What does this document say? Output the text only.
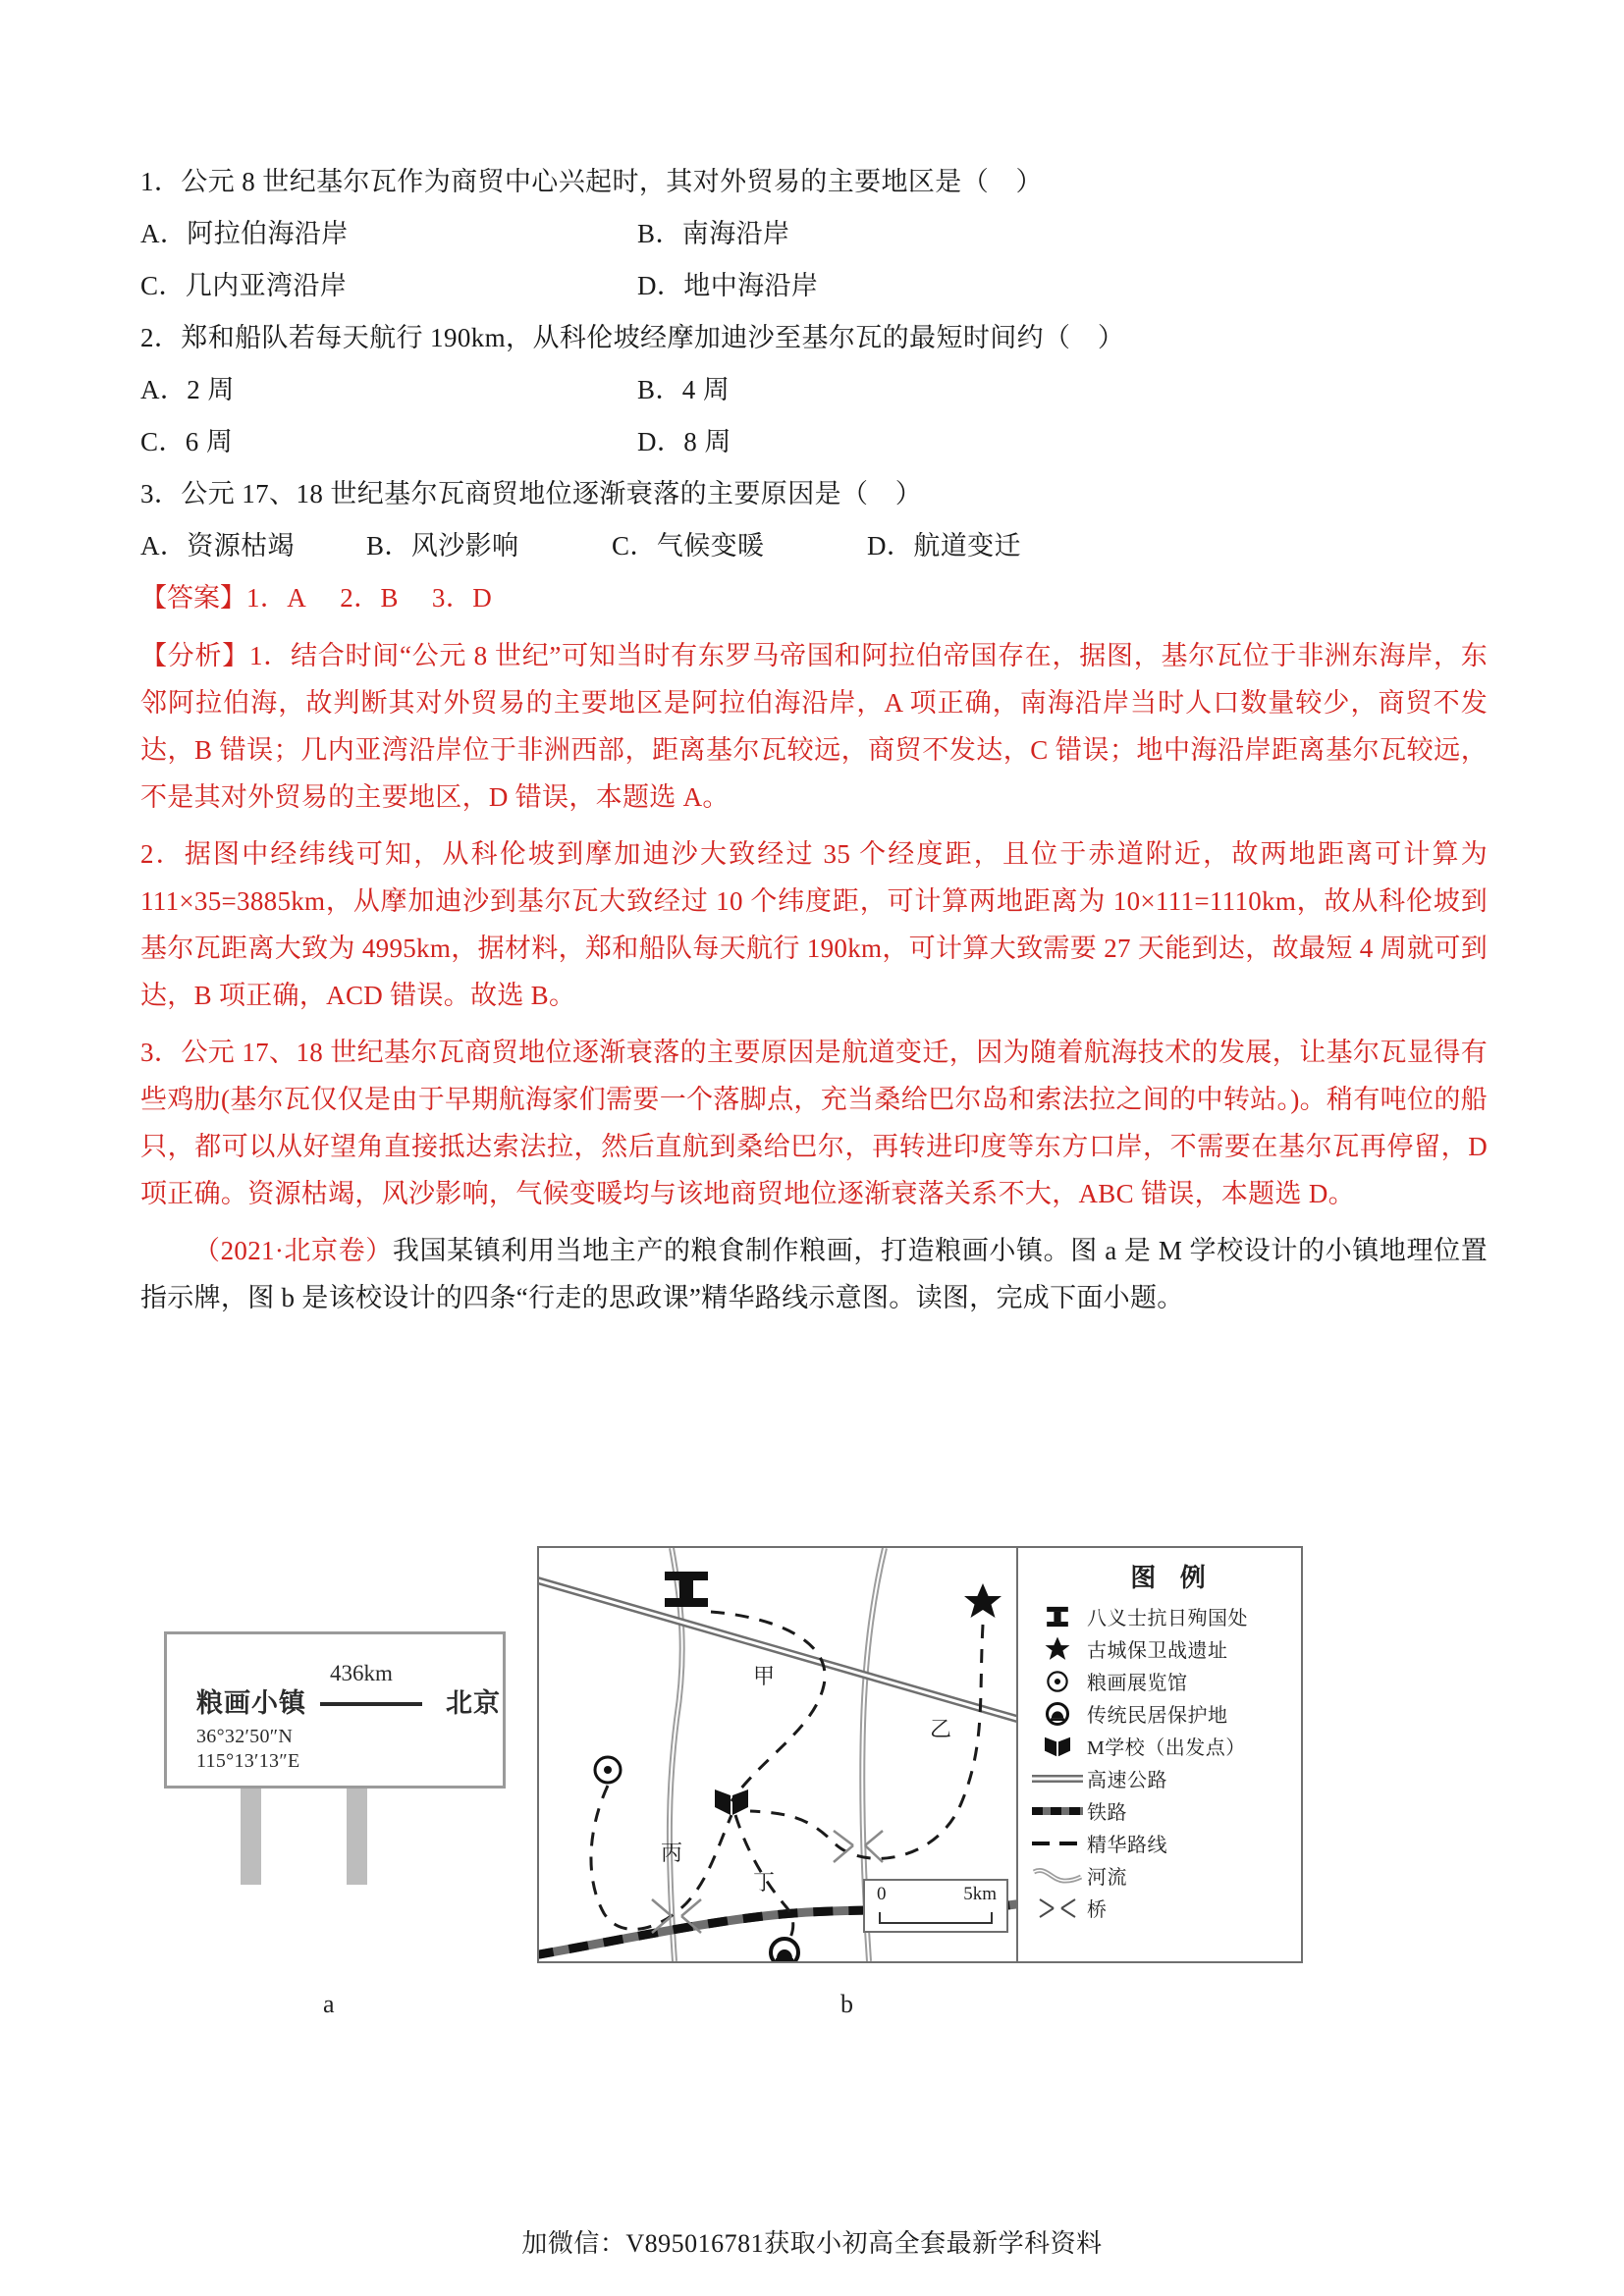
1．公元 8 世纪基尔瓦作为商贸中心兴起时，其对外贸易的主要地区是（　）

A．阿拉伯海沿岸	B．南海沿岸
C．几内亚湾沿岸	D．地中海沿岸

2．郑和船队若每天航行 190km，从科伦坡经摩加迪沙至基尔瓦的最短时间约（　）

A．2 周	B．4 周
C．6 周	D．8 周

3．公元 17、18 世纪基尔瓦商贸地位逐渐衰落的主要原因是（　）

A．资源枯竭	B．风沙影响	C．气候变暖	D．航道变迁

【答案】1．A 2．B 3．D

【分析】1．结合时间“公元 8 世纪”可知当时有东罗马帝国和阿拉伯帝国存在，据图，基尔瓦位于非洲东海岸，东邻阿拉伯海，故判断其对外贸易的主要地区是阿拉伯海沿岸，A 项正确，南海沿岸当时人口数量较少，商贸不发达，B 错误；几内亚湾沿岸位于非洲西部，距离基尔瓦较远，商贸不发达，C 错误；地中海沿岸距离基尔瓦较远，不是其对外贸易的主要地区，D 错误，本题选 A。

2．据图中经纬线可知，从科伦坡到摩加迪沙大致经过 35 个经度距，且位于赤道附近，故两地距离可计算为 111×35=3885km，从摩加迪沙到基尔瓦大致经过 10 个纬度距，可计算两地距离为 10×111=1110km，故从科伦坡到基尔瓦距离大致为 4995km，据材料，郑和船队每天航行 190km，可计算大致需要 27 天能到达，故最短 4 周就可到达，B 项正确，ACD 错误。故选 B。

3．公元 17、18 世纪基尔瓦商贸地位逐渐衰落的主要原因是航道变迁，因为随着航海技术的发展，让基尔瓦显得有些鸡肋(基尔瓦仅仅是由于早期航海家们需要一个落脚点，充当桑给巴尔岛和索法拉之间的中转站。)。稍有吨位的船只，都可以从好望角直接抵达索法拉，然后直航到桑给巴尔，再转进印度等东方口岸，不需要在基尔瓦再停留，D 项正确。资源枯竭，风沙影响，气候变暖均与该地商贸地位逐渐衰落关系不大，ABC 错误，本题选 D。

（2021·北京卷）我国某镇利用当地主产的粮食制作粮画，打造粮画小镇。图 a 是 M 学校设计的小镇地理位置指示牌，图 b 是该校设计的四条“行走的思政课”精华路线示意图。读图，完成下面小题。

粮画小镇
436km
北京
36°32′50″N
115°13′13″E
甲
乙
丙
丁	0	5km
图 例
八义士抗日殉国处
古城保卫战遗址
粮画展览馆
传统民居保护地
M学校（出发点）
高速公路
铁路
精华路线
河流
桥
a	b
加微信：V895016781获取小初高全套最新学科资料
